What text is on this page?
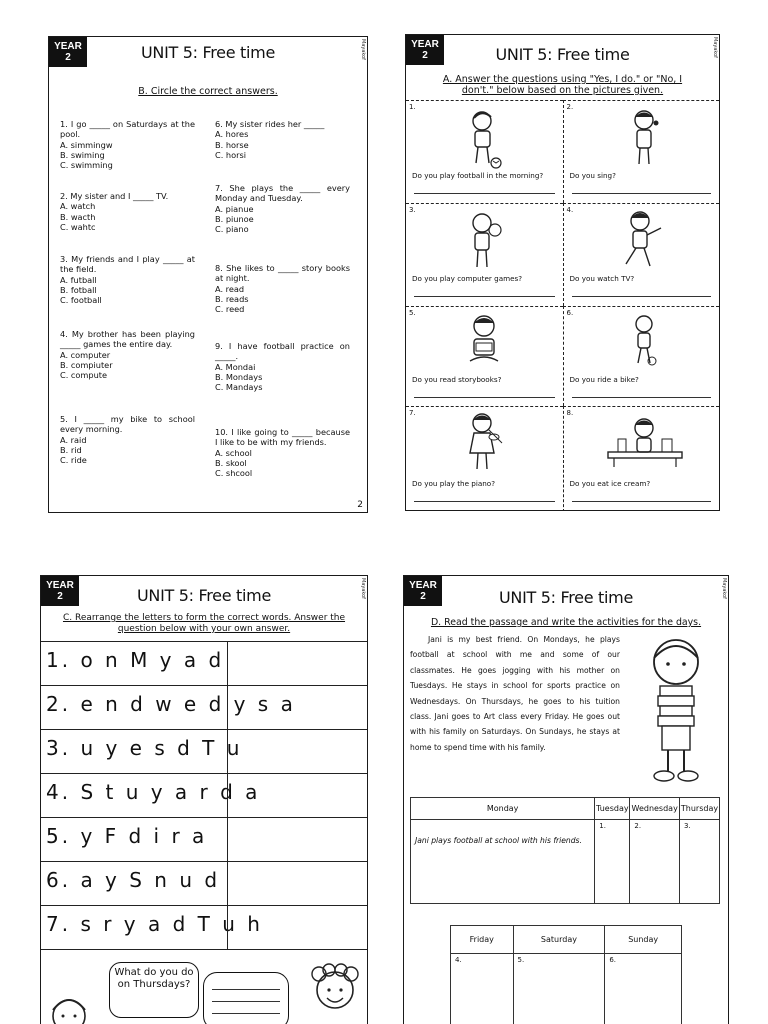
YEAR
2	UNIT 5: Free time	Mayakof
B. Circle the correct answers.
1. I go _____ on Saturdays at the pool.
A. simmingw
B. swiming
C. swimming
2. My sister and I _____ TV.
A. watch
B. wacth
C. wahtc
3. My friends and I play _____ at the field.
A. futball
B. fotball
C. football
4. My brother has been playing _____ games the entire day.
A. computer
B. compiuter
C. compute
5. I _____ my bike to school every morning.
A. raid
B. rid
C. ride
6. My sister rides her _____
A. hores
B. horse
C. horsi
7. She plays the _____ every Monday and Tuesday.
A. pianue
B. piunoe
C. piano
8. She likes to _____ story books at night.
A. read
B. reads
C. reed
9. I have football practice on _____.
A. Mondai
B. Mondays
C. Mandays
10. I like going to _____ because I like to be with my friends.
A. school
B. skool
C. shcool
2
YEAR
2	UNIT 5: Free time	Mayakof
A. Answer the questions using "Yes, I do." or "No, I don't." below based on the pictures given.
1.
Do you play football in the morning?
2.
Do you sing?
3.
Do you play computer games?
4.
Do you watch TV?
5.
Do you read storybooks?
6.
Do you ride a bike?
7.
Do you play the piano?
8.
Do you eat ice cream?
YEAR
2	UNIT 5: Free time	Mayakof
C. Rearrange the letters to form the correct words. Answer the question below with your own answer.
1. o n M y a d
2. e n d w e d y s a
3. u y e s d T u
4. S t u y a r d a
5. y F d i r a
6. a y S n u d
7. s r y a d T u h
What do you do on Thursdays?
YEAR
2	UNIT 5: Free time	Mayakof
D. Read the passage and write the activities for the days.
Jani is my best friend. On Mondays, he plays football at school with me and some of our classmates. He goes jogging with his mother on Tuesdays. He stays in school for sports practice on Wednesdays. On Thursdays, he goes to his tuition class. Jani goes to Art class every Friday. He goes out with his family on Saturdays. On Sundays, he stays at home to spend time with his family.
Monday	Tuesday	Wednesday	Thursday

Jani plays football at school with his friends.	1.	2.	3.
Friday	Saturday	Sunday
4.	5.	6.
